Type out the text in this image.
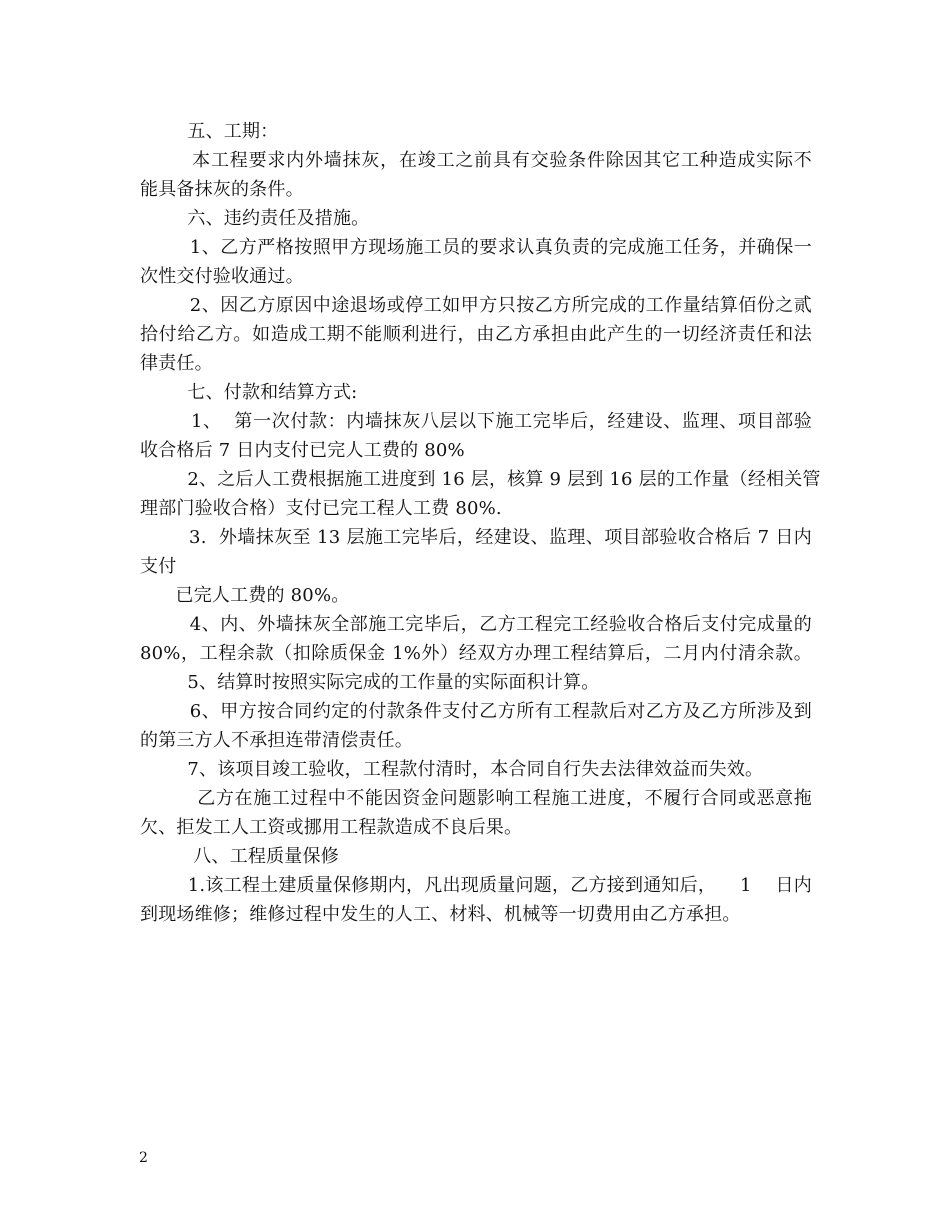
五、工期：
本工程要求内外墙抹灰，在竣工之前具有交验条件除因其它工种造成实际不
能具备抹灰的条件。
六、违约责任及措施。
1、乙方严格按照甲方现场施工员的要求认真负责的完成施工任务，并确保一
次性交付验收通过。
2、因乙方原因中途退场或停工如甲方只按乙方所完成的工作量结算佰份之贰
拾付给乙方。如造成工期不能顺利进行，由乙方承担由此产生的一切经济责任和法
律责任。
七、付款和结算方式:
1、  第一次付款：内墙抹灰八层以下施工完毕后，经建设、监理、项目部验
收合格后 7 日内支付已完人工费的 80%
2、之后人工费根据施工进度到 16 层，核算 9 层到 16 层的工作量（经相关管
理部门验收合格）支付已完工程人工费 80%.
3.  外墙抹灰至 13 层施工完毕后，经建设、监理、项目部验收合格后 7 日内
支付
已完人工费的 80%。
4、内、外墙抹灰全部施工完毕后，乙方工程完工经验收合格后支付完成量的
80%，工程余款（扣除质保金 1%外）经双方办理工程结算后，二月内付清余款。
5、结算时按照实际完成的工作量的实际面积计算。
6、甲方按合同约定的付款条件支付乙方所有工程款后对乙方及乙方所涉及到
的第三方人不承担连带清偿责任。
7、该项目竣工验收，工程款付清时，本合同自行失去法律效益而失效。
乙方在施工过程中不能因资金问题影响工程施工进度，不履行合同或恶意拖
欠、拒发工人工资或挪用工程款造成不良后果。
八、工程质量保修
1.该工程土建质量保修期内，凡出现质量问题，乙方接到通知后，    1    日内
到现场维修；维修过程中发生的人工、材料、机械等一切费用由乙方承担。
2
